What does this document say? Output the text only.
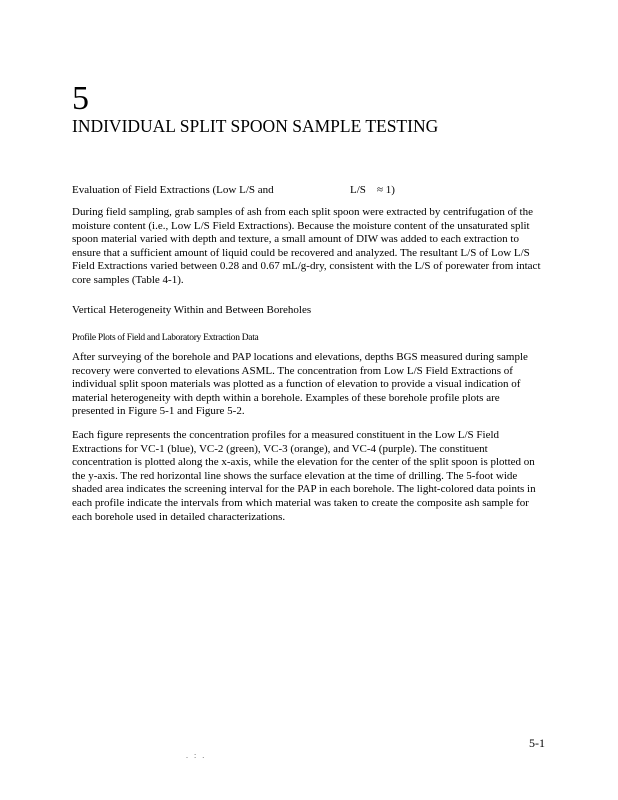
5
INDIVIDUAL SPLIT SPOON SAMPLE TESTING
Evaluation of Field Extractions (Low L/S and	L/S ≈ 1)

During field sampling, grab samples of ash from each split spoon were extracted by centrifugation of the moisture content (i.e., Low L/S Field Extractions). Because the moisture content of the unsaturated split spoon material varied with depth and texture, a small amount of DIW was added to each extraction to ensure that a sufficient amount of liquid could be recovered and analyzed. The resultant L/S of Low L/S Field Extractions varied between 0.28 and 0.67 mL/g-dry, consistent with the L/S of porewater from intact core samples (Table 4-1).

Vertical Heterogeneity Within and Between Boreholes
Profile Plots of Field and Laboratory Extraction Data

After surveying of the borehole and PAP locations and elevations, depths BGS measured during sample recovery were converted to elevations ASML. The concentration from Low L/S Field Extractions of individual split spoon materials was plotted as a function of elevation to provide a visual indication of material heterogeneity with depth within a borehole. Examples of these borehole profile plots are presented in Figure 5-1 and Figure 5-2.

Each figure represents the concentration profiles for a measured constituent in the Low L/S Field Extractions for VC-1 (blue), VC-2 (green), VC-3 (orange), and VC-4 (purple). The constituent concentration is plotted along the x-axis, while the elevation for the center of the split spoon is plotted on the y-axis. The red horizontal line shows the surface elevation at the time of drilling. The 5-foot wide shaded area indicates the screening interval for the PAP in each borehole. The light-colored data points in each profile indicate the intervals from which material was taken to create the composite ash sample for each borehole used in detailed characterizations.

5-1
. : .
